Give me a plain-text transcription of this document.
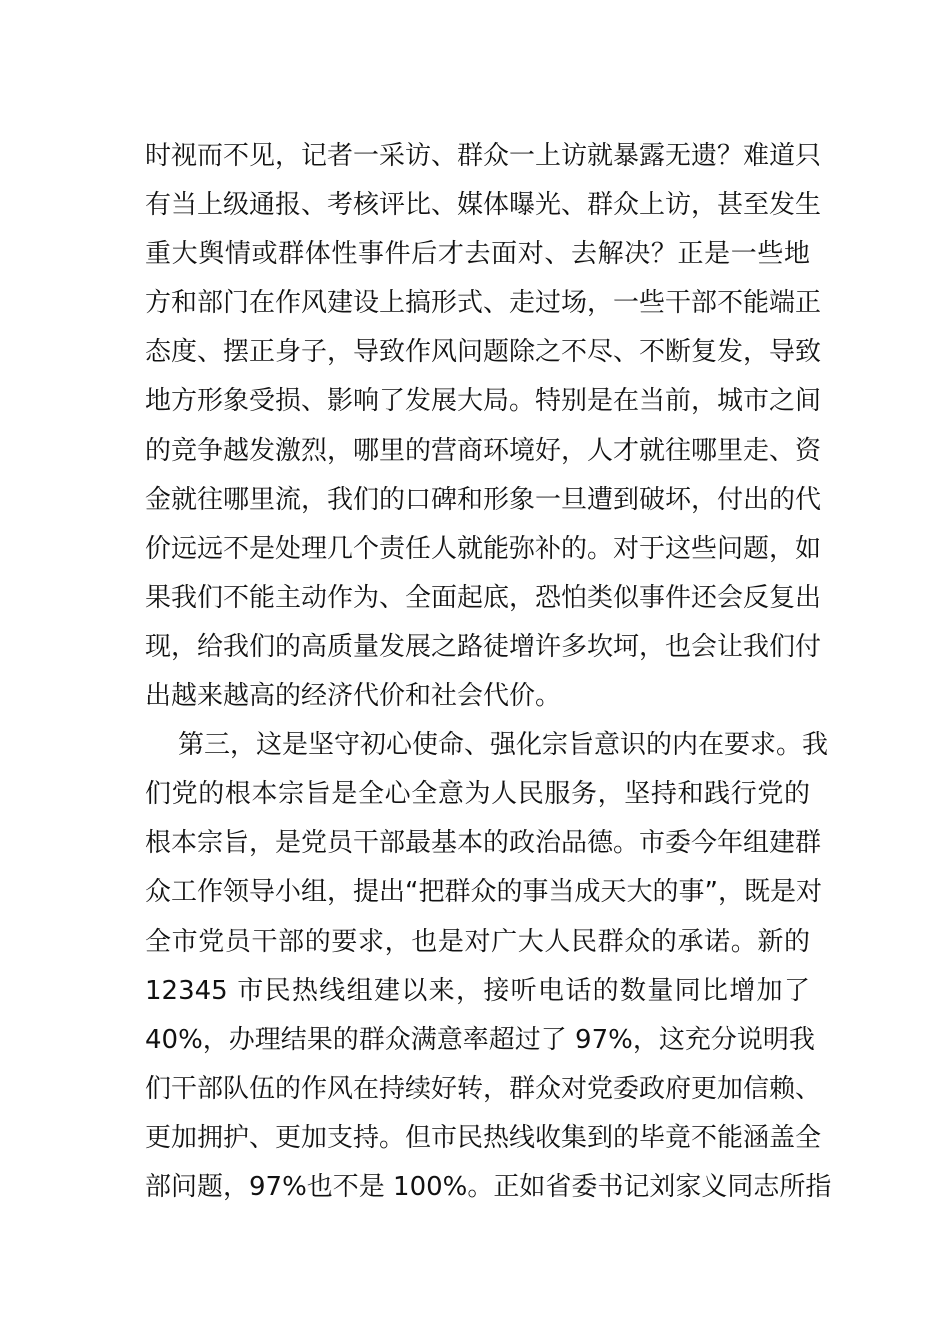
时视而不见，记者一采访、群众一上访就暴露无遗？难道只
有当上级通报、考核评比、媒体曝光、群众上访，甚至发生
重大舆情或群体性事件后才去面对、去解决？正是一些地
方和部门在作风建设上搞形式、走过场，一些干部不能端正
态度、摆正身子，导致作风问题除之不尽、不断复发，导致
地方形象受损、影响了发展大局。特别是在当前，城市之间
的竞争越发激烈，哪里的营商环境好，人才就往哪里走、资
金就往哪里流，我们的口碑和形象一旦遭到破坏，付出的代
价远远不是处理几个责任人就能弥补的。对于这些问题，如
果我们不能主动作为、全面起底，恐怕类似事件还会反复出
现，给我们的高质量发展之路徒增许多坎坷，也会让我们付
出越来越高的经济代价和社会代价。
第三，这是坚守初心使命、强化宗旨意识的内在要求。我
们党的根本宗旨是全心全意为人民服务，坚持和践行党的
根本宗旨，是党员干部最基本的政治品德。市委今年组建群
众工作领导小组，提出“把群众的事当成天大的事”，既是对
全市党员干部的要求，也是对广大人民群众的承诺。新的
12345 市民热线组建以来，接听电话的数量同比增加了
40%，办理结果的群众满意率超过了 97%，这充分说明我
们干部队伍的作风在持续好转，群众对党委政府更加信赖、
更加拥护、更加支持。但市民热线收集到的毕竟不能涵盖全
部问题，97%也不是 100%。正如省委书记刘家义同志所指
